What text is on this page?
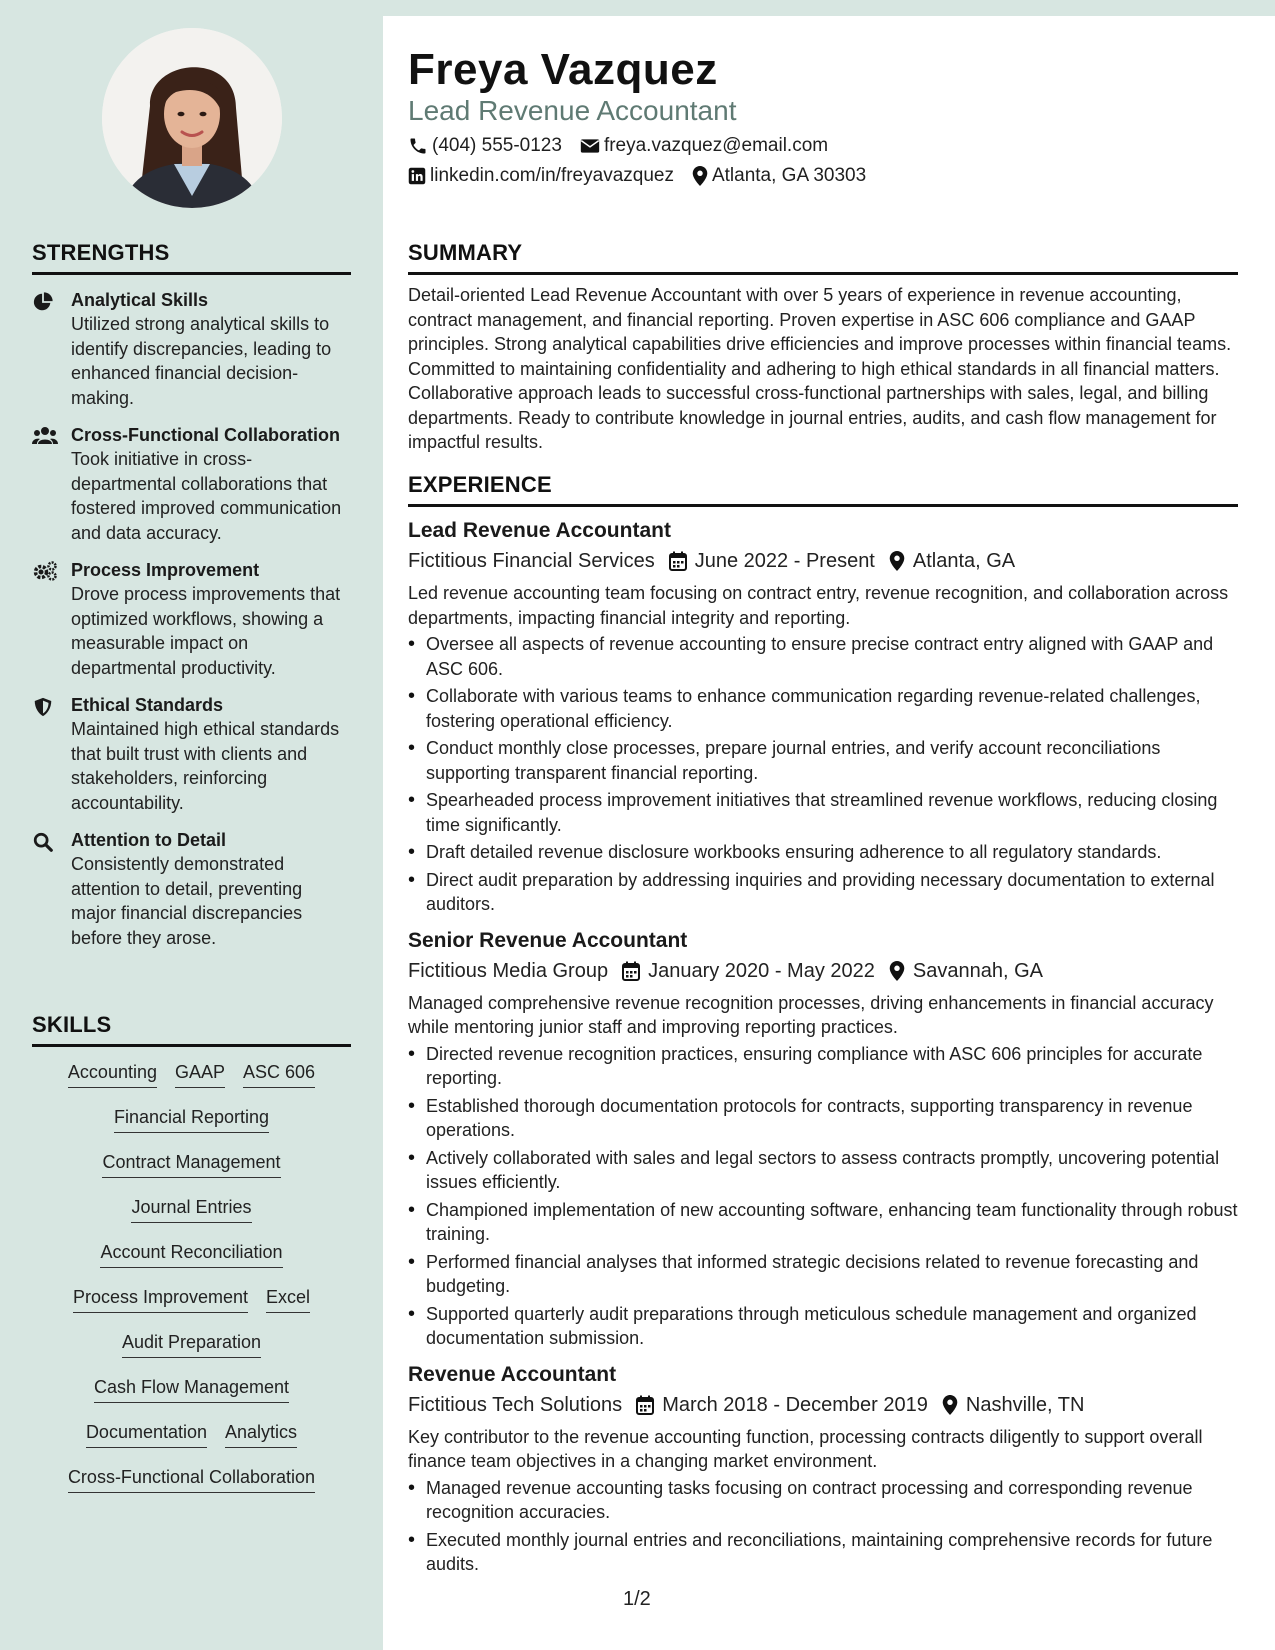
STRENGTHS
Analytical Skills
Utilized strong analytical skills to identify discrepancies, leading to enhanced financial decision-making.
Cross-Functional Collaboration
Took initiative in cross-departmental collaborations that fostered improved communication and data accuracy.
Process Improvement
Drove process improvements that optimized workflows, showing a measurable impact on departmental productivity.
Ethical Standards
Maintained high ethical standards that built trust with clients and stakeholders, reinforcing accountability.
Attention to Detail
Consistently demonstrated attention to detail, preventing major financial discrepancies before they arose.
SKILLS
Accounting GAAP ASC 606
Financial Reporting
Contract Management
Journal Entries
Account Reconciliation
Process Improvement Excel
Audit Preparation
Cash Flow Management
Documentation Analytics
Cross-Functional Collaboration
Freya Vazquez
Lead Revenue Accountant
(404) 555-0123 freya.vazquez@email.com
linkedin.com/in/freyavazquez Atlanta, GA 30303
SUMMARY
Detail-oriented Lead Revenue Accountant with over 5 years of experience in revenue accounting, contract management, and financial reporting. Proven expertise in ASC 606 compliance and GAAP principles. Strong analytical capabilities drive efficiencies and improve processes within financial teams. Committed to maintaining confidentiality and adhering to high ethical standards in all financial matters. Collaborative approach leads to successful cross-functional partnerships with sales, legal, and billing departments. Ready to contribute knowledge in journal entries, audits, and cash flow management for impactful results.
EXPERIENCE
Lead Revenue Accountant
Fictitious Financial Services June 2022 - Present Atlanta, GA
Led revenue accounting team focusing on contract entry, revenue recognition, and collaboration across departments, impacting financial integrity and reporting.
• Oversee all aspects of revenue accounting to ensure precise contract entry aligned with GAAP and ASC 606.
• Collaborate with various teams to enhance communication regarding revenue-related challenges, fostering operational efficiency.
• Conduct monthly close processes, prepare journal entries, and verify account reconciliations supporting transparent financial reporting.
• Spearheaded process improvement initiatives that streamlined revenue workflows, reducing closing time significantly.
• Draft detailed revenue disclosure workbooks ensuring adherence to all regulatory standards.
• Direct audit preparation by addressing inquiries and providing necessary documentation to external auditors.
Senior Revenue Accountant
Fictitious Media Group January 2020 - May 2022 Savannah, GA
Managed comprehensive revenue recognition processes, driving enhancements in financial accuracy while mentoring junior staff and improving reporting practices.
• Directed revenue recognition practices, ensuring compliance with ASC 606 principles for accurate reporting.
• Established thorough documentation protocols for contracts, supporting transparency in revenue operations.
• Actively collaborated with sales and legal sectors to assess contracts promptly, uncovering potential issues efficiently.
• Championed implementation of new accounting software, enhancing team functionality through robust training.
• Performed financial analyses that informed strategic decisions related to revenue forecasting and budgeting.
• Supported quarterly audit preparations through meticulous schedule management and organized documentation submission.
Revenue Accountant
Fictitious Tech Solutions March 2018 - December 2019 Nashville, TN
Key contributor to the revenue accounting function, processing contracts diligently to support overall finance team objectives in a changing market environment.
• Managed revenue accounting tasks focusing on contract processing and corresponding revenue recognition accuracies.
• Executed monthly journal entries and reconciliations, maintaining comprehensive records for future audits.
1/2
